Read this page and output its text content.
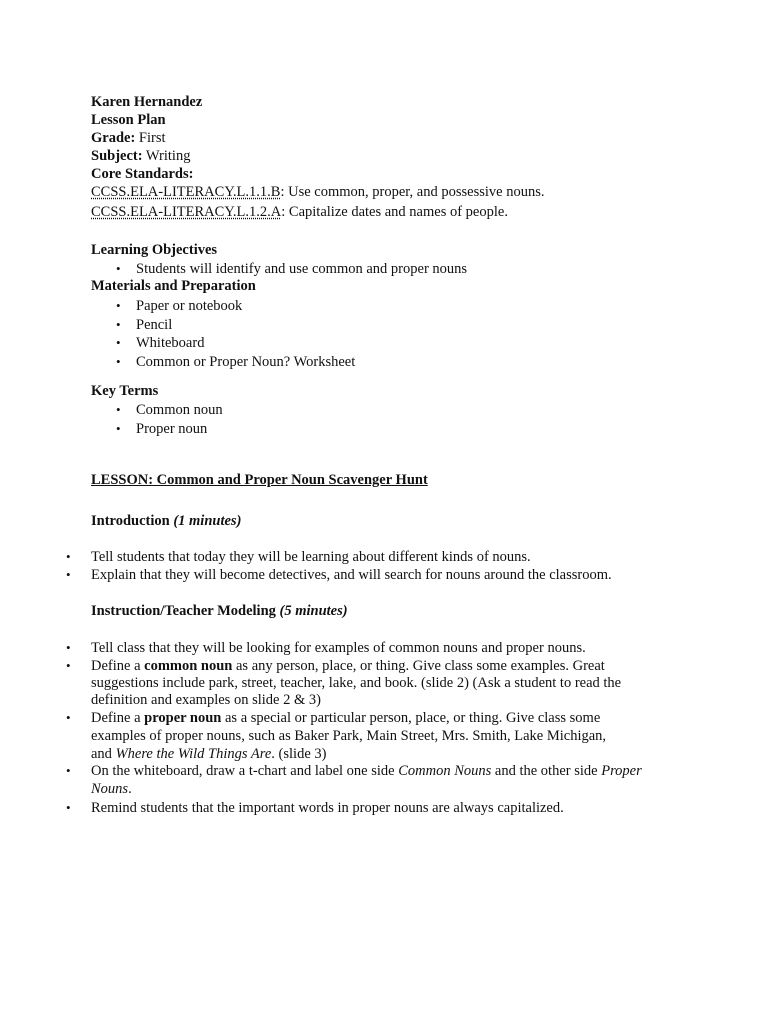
Karen Hernandez
Lesson Plan
Grade: First
Subject: Writing
Core Standards:
CCSS.ELA-LITERACY.L.1.1.B: Use common, proper, and possessive nouns.
CCSS.ELA-LITERACY.L.1.2.A: Capitalize dates and names of people.
Learning Objectives
• Students will identify and use common and proper nouns
Materials and Preparation
• Paper or notebook
• Pencil
• Whiteboard
• Common or Proper Noun? Worksheet
Key Terms
• Common noun
• Proper noun
LESSON: Common and Proper Noun Scavenger Hunt
Introduction (1 minutes)
• Tell students that today they will be learning about different kinds of nouns.
• Explain that they will become detectives, and will search for nouns around the classroom.
Instruction/Teacher Modeling (5 minutes)
• Tell class that they will be looking for examples of common nouns and proper nouns.
• Define a common noun as any person, place, or thing. Give class some examples. Great
suggestions include park, street, teacher, lake, and book. (slide 2) (Ask a student to read the
definition and examples on slide 2 & 3)
• Define a proper noun as a special or particular person, place, or thing. Give class some
examples of proper nouns, such as Baker Park, Main Street, Mrs. Smith, Lake Michigan,
and Where the Wild Things Are. (slide 3)
• On the whiteboard, draw a t-chart and label one side Common Nouns and the other side Proper
Nouns.
• Remind students that the important words in proper nouns are always capitalized.
